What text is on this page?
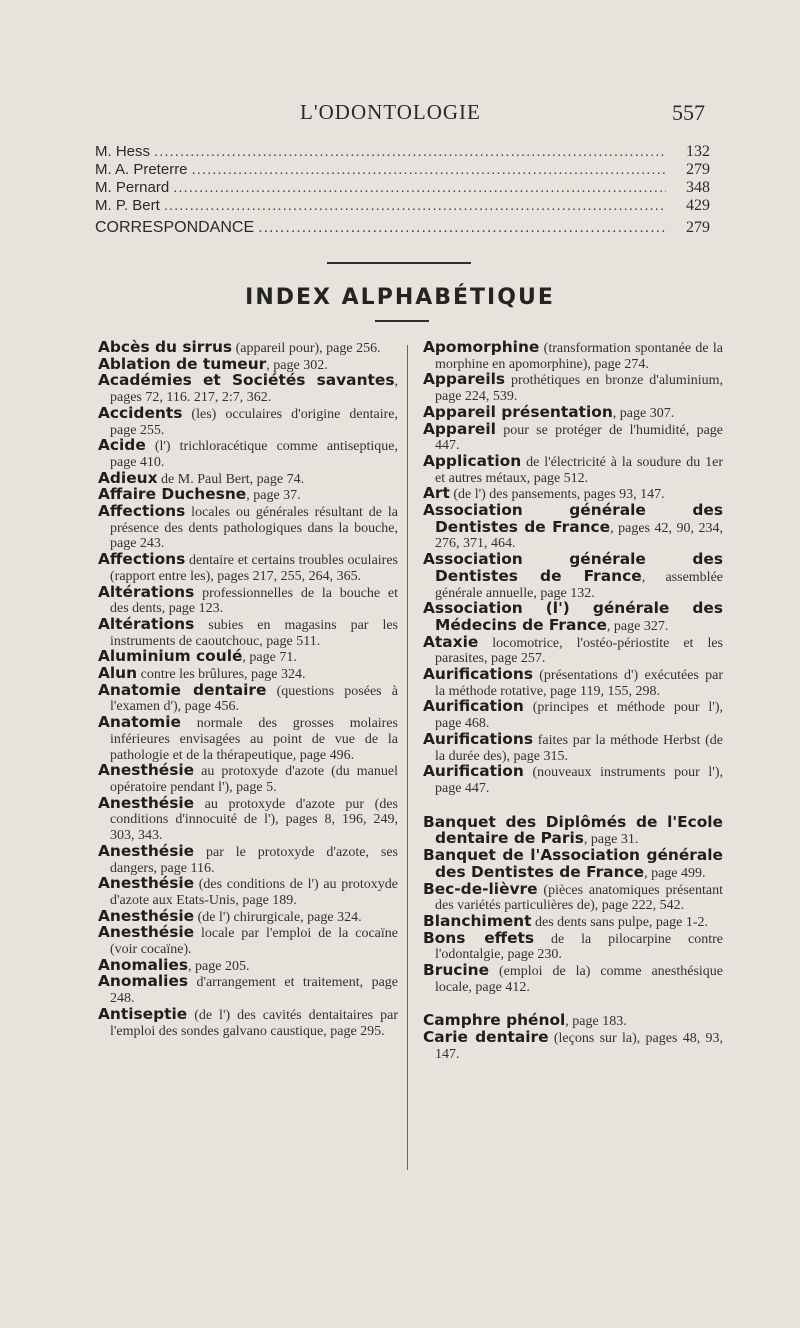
L'ODONTOLOGIE	557
M. Hess .....	132
M. A. Preterre .....	279
M. Pernard .....	348
M. P. Bert .....	429
CORRESPONDANCE .....	279
INDEX ALPHABÉTIQUE

Abcès du sirrus (appareil pour), page 256.

Ablation de tumeur, page 302.

Académies et Sociétés savantes, pages 72, 116. 217, 2:7, 362.

Accidents (les) occulaires d'origine dentaire, page 255.

Acide (l') trichloracétique comme antiseptique, page 410.

Adieux de M. Paul Bert, page 74.

Affaire Duchesne, page 37.

Affections locales ou générales résultant de la présence des dents pathologiques dans la bouche, page 243.

Affections dentaire et certains troubles oculaires (rapport entre les), pages 217, 255, 264, 365.

Altérations professionnelles de la bouche et des dents, page 123.

Altérations subies en magasins par les instruments de caoutchouc, page 511.

Aluminium coulé, page 71.

Alun contre les brûlures, page 324.

Anatomie dentaire (questions posées à l'examen d'), page 456.

Anatomie normale des grosses molaires inférieures envisagées au point de vue de la pathologie et de la thérapeutique, page 496.

Anesthésie au protoxyde d'azote (du manuel opératoire pendant l'), page 5.

Anesthésie au protoxyde d'azote pur (des conditions d'innocuité de l'), pages 8, 196, 249, 303, 343.

Anesthésie par le protoxyde d'azote, ses dangers, page 116.

Anesthésie (des conditions de l') au protoxyde d'azote aux Etats-Unis, page 189.

Anesthésie (de l') chirurgicale, page 324.

Anesthésie locale par l'emploi de la cocaïne (voir cocaïne).

Anomalies, page 205.

Anomalies d'arrangement et traitement, page 248.

Antiseptie (de l') des cavités dentaitaires par l'emploi des sondes galvano caustique, page 295.

Apomorphine (transformation spontanée de la morphine en apomorphine), page 274.

Appareils prothétiques en bronze d'aluminium, page 224, 539.

Appareil présentation, page 307.

Appareil pour se protéger de l'humidité, page 447.

Application de l'électricité à la soudure du 1er et autres métaux, page 512.

Art (de l') des pansements, pages 93, 147.

Association générale des Dentistes de France, pages 42, 90, 234, 276, 371, 464.

Association générale des Dentistes de France, assemblée générale annuelle, page 132.

Association (l') générale des Médecins de France, page 327.

Ataxie locomotrice, l'ostéo-périostite et les parasites, page 257.

Aurifications (présentations d') exécutées par la méthode rotative, page 119, 155, 298.

Aurification (principes et méthode pour l'), page 468.

Aurifications faites par la méthode Herbst (de la durée des), page 315.

Aurification (nouveaux instruments pour l'), page 447.

Banquet des Diplômés de l'Ecole dentaire de Paris, page 31.

Banquet de l'Association générale des Dentistes de France, page 499.

Bec-de-lièvre (pièces anatomiques présentant des variétés particulières de), page 222, 542.

Blanchiment des dents sans pulpe, page 1-2.

Bons effets de la pilocarpine contre l'odontalgie, page 230.

Brucine (emploi de la) comme anesthésique locale, page 412.

Camphre phénol, page 183.

Carie dentaire (leçons sur la), pages 48, 93, 147.
